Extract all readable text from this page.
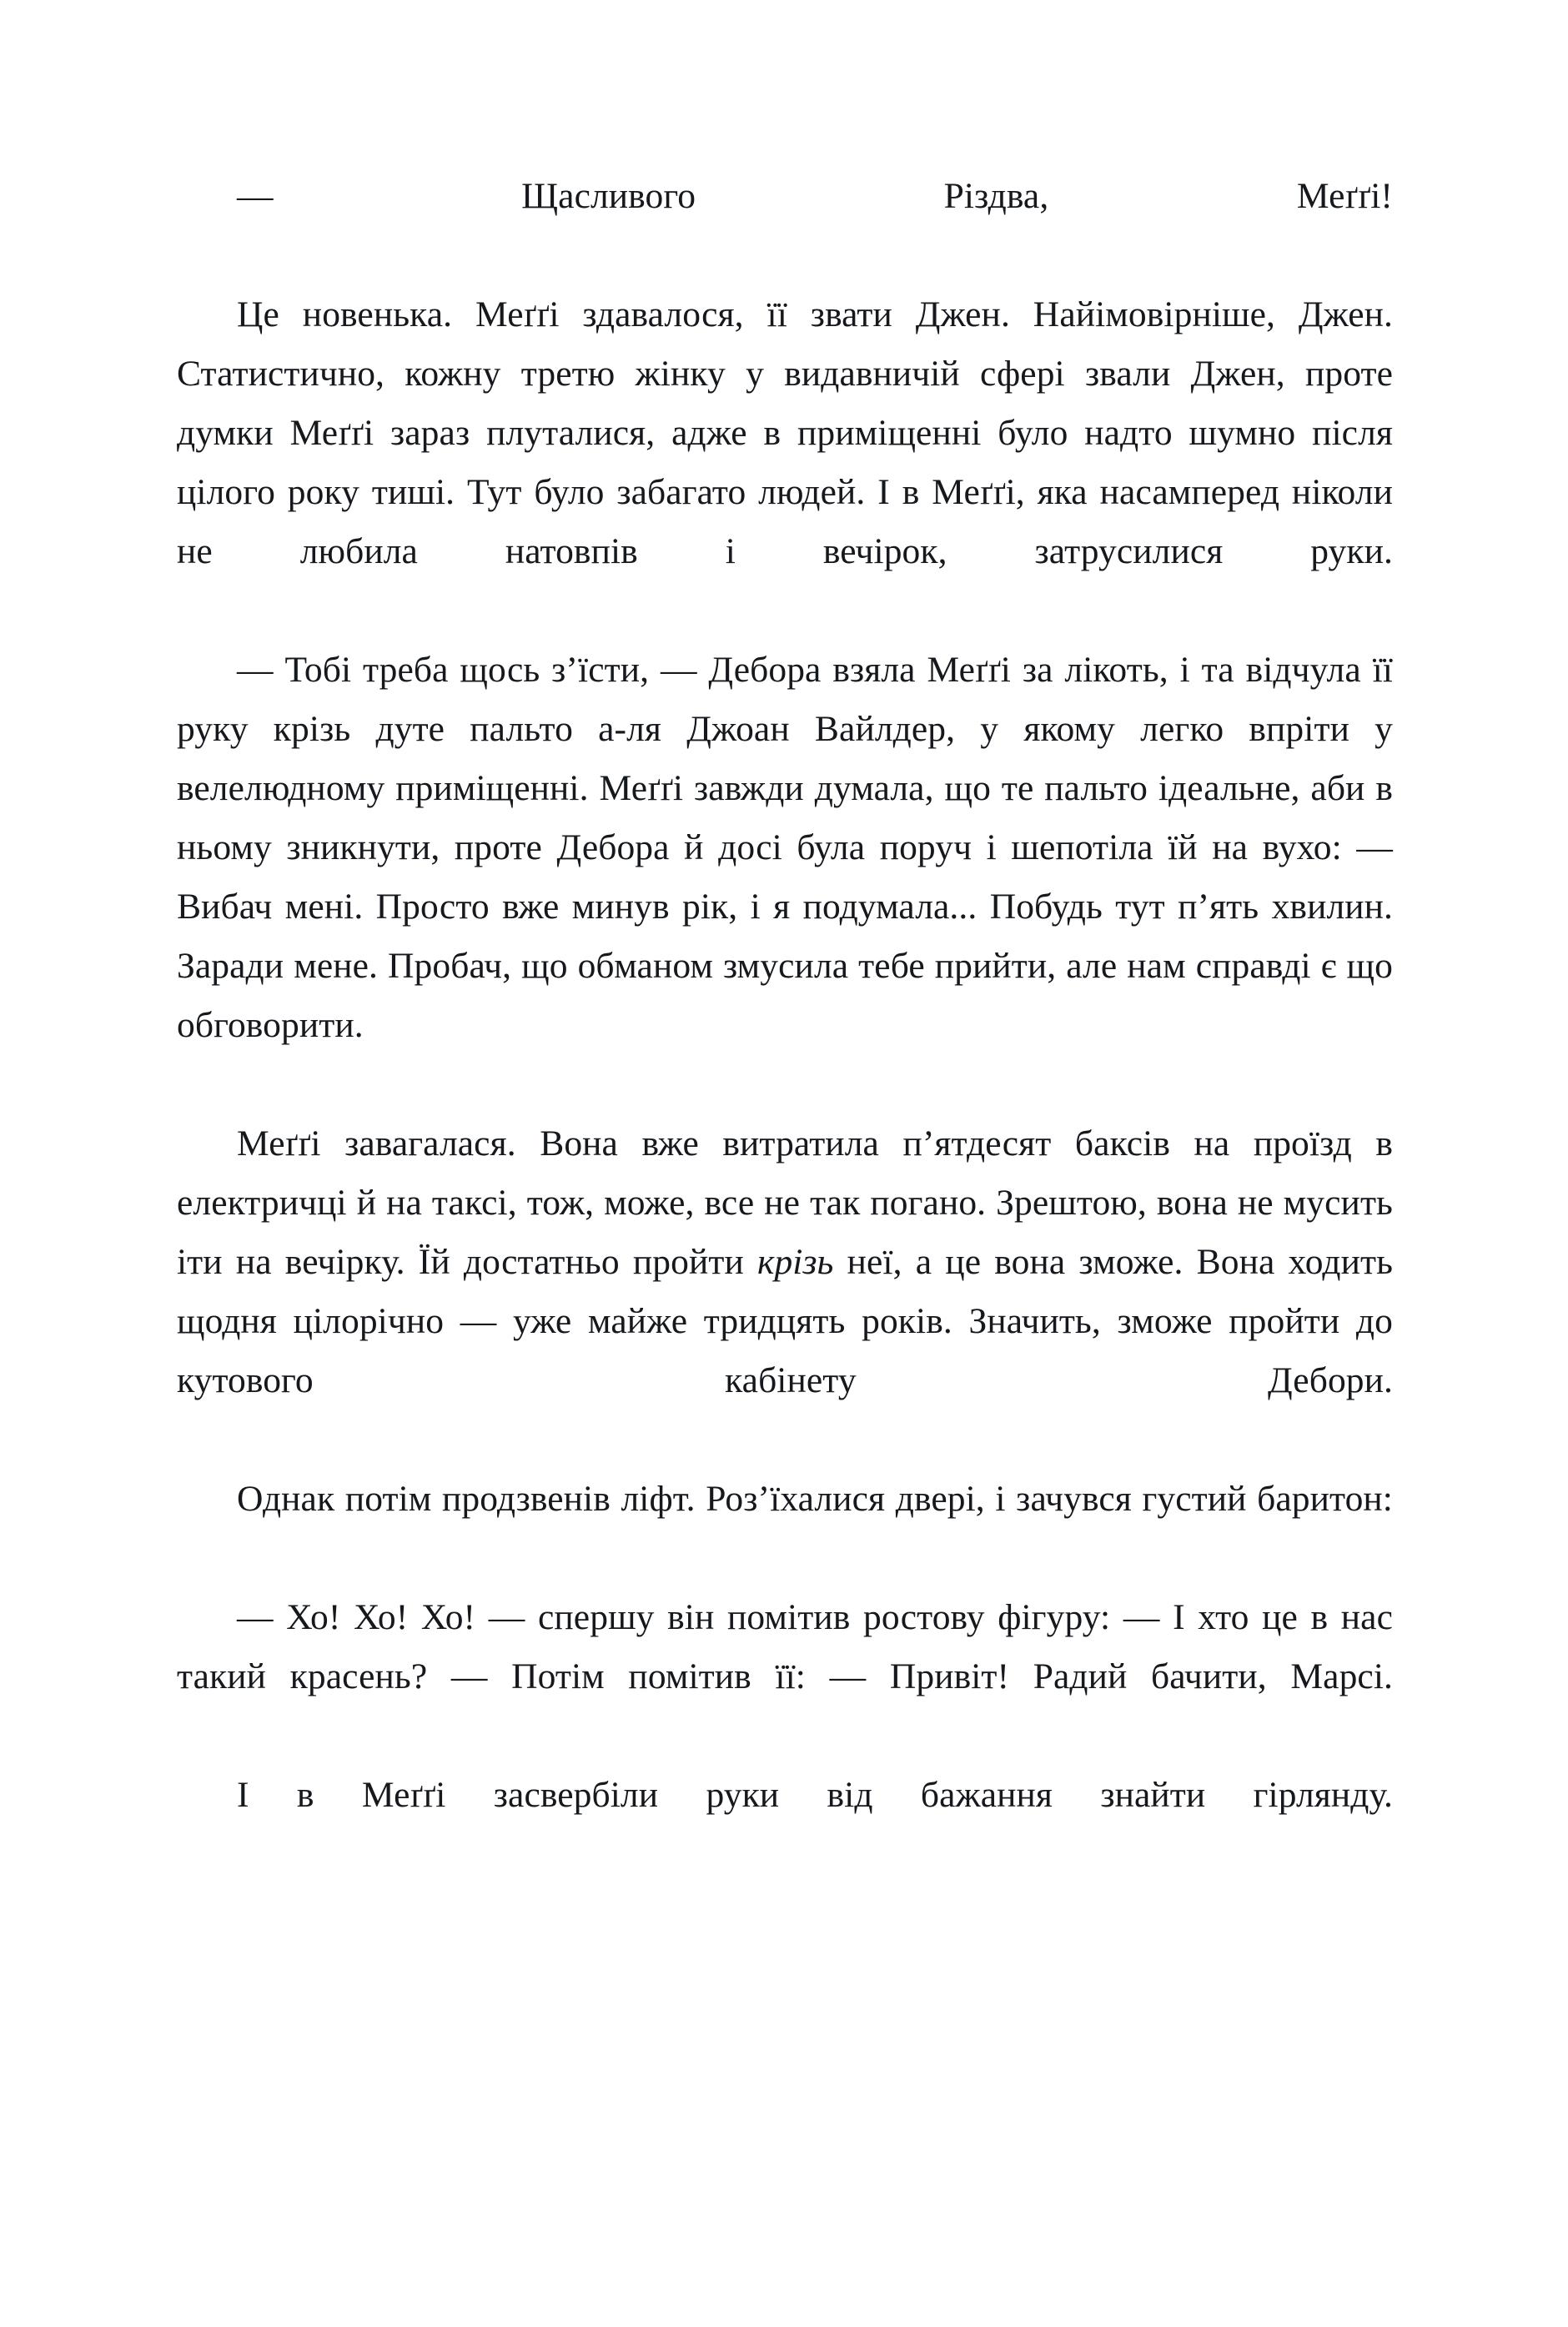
— Щасливого Різдва, Меґґі!

Це новенька. Меґґі здавалося, її звати Джен. Найімовірніше, Джен. Статистично, кожну третю жінку у видавничій сфері звали Джен, проте думки Меґґі зараз плуталися, адже в приміщенні було надто шумно після цілого року тиші. Тут було забагато людей. І в Меґґі, яка насамперед ніколи не любила натовпів і вечірок, затрусилися руки.

— Тобі треба щось з’їсти, — Дебора взяла Меґґі за лікоть, і та відчула її руку крізь дуте пальто а-ля Джоан Вайлдер, у якому легко впріти у велелюдному приміщенні. Меґґі завжди думала, що те пальто ідеальне, аби в ньому зникнути, проте Дебора й досі була поруч і шепотіла їй на вухо: — Вибач мені. Просто вже минув рік, і я подумала... Побудь тут п’ять хвилин. Заради мене. Пробач, що обманом змусила тебе прийти, але нам справді є що обговорити.

Меґґі завагалася. Вона вже витратила п’ятдесят баксів на проїзд в електричці й на таксі, тож, може, все не так погано. Зрештою, вона не мусить іти на вечірку. Їй достатньо пройти крізь неї, а це вона зможе. Вона ходить щодня цілорічно — уже майже тридцять років. Значить, зможе пройти до кутового кабінету Дебори.

Однак потім продзвенів ліфт. Роз’їхалися двері, і зачувся густий баритон:

— Хо! Хо! Хо! — спершу він помітив ростову фігуру: — І хто це в нас такий красень? — Потім помітив її: — Привіт! Радий бачити, Марсі.

І в Меґґі засвербіли руки від бажання знайти гірлянду.
